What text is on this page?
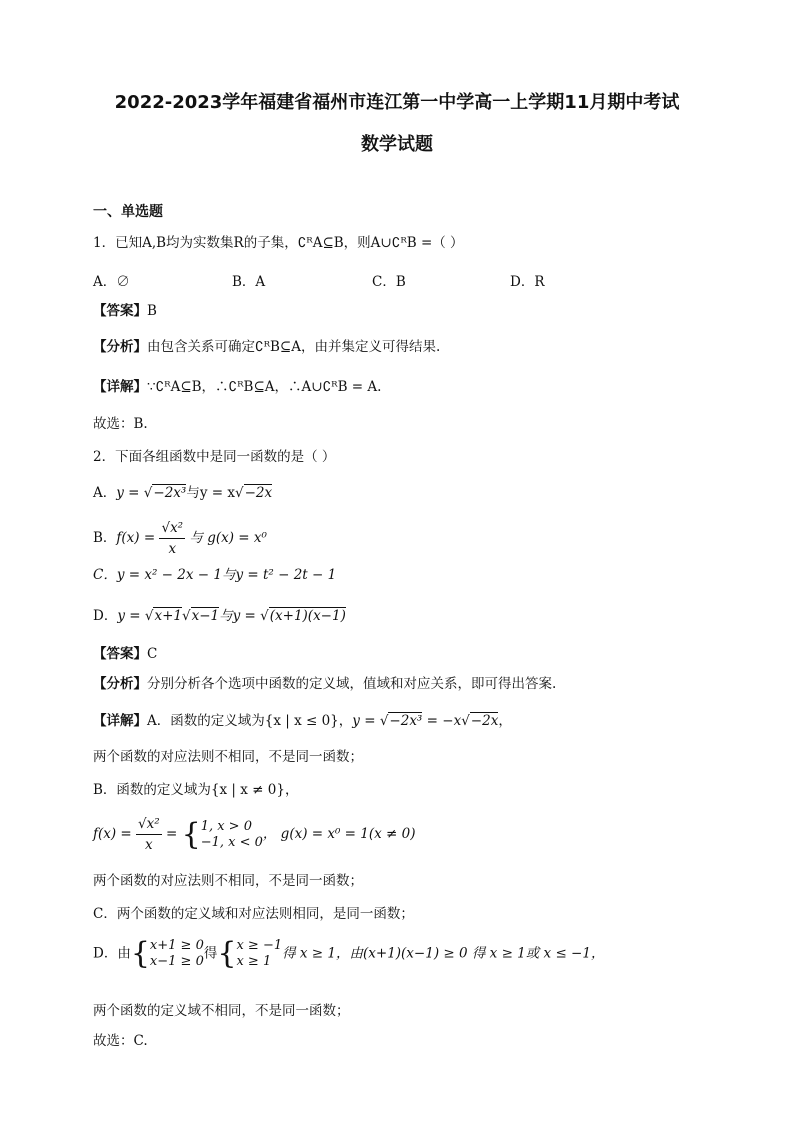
2022-2023学年福建省福州市连江第一中学高一上学期11月期中考试
数学试题
一、单选题
1．已知A,B均为实数集R的子集，∁ᴿA⊆B，则A∪∁ᴿB =（ ）
A．∅	B．A	C．B	D．R
【答案】B
【分析】由包含关系可确定∁ᴿB⊆A，由并集定义可得结果.
【详解】∵∁ᴿA⊆B，∴∁ᴿB⊆A，∴A∪∁ᴿB = A.
故选：B.
2．下面各组函数中是同一函数的是（ ）
A．y = √−2x³与y = x√−2x
B．$f(x) = \frac{\text{√x²}}{x}$ 与 g(x) = x⁰
C．y = x² − 2x − 1与y = t² − 2t − 1
D．y = √x+1√x−1与y = √(x+1)(x−1)
【答案】C
【分析】分别分析各个选项中函数的定义域，值域和对应关系，即可得出答案.
【详解】A．函数的定义域为{x | x ≤ 0}，y = √−2x³ = −x√−2x，
两个函数的对应法则不相同，不是同一函数；
B．函数的定义域为{x | x ≠ 0}，
$f(x) = \frac{\text{√x²}}{x}$ = { 1, x > 0
−1, x < 0 ， g(x) = x⁰ = 1(x ≠ 0)
两个函数的对应法则不相同，不是同一函数；
C．两个函数的定义域和对应法则相同，是同一函数；
D．由{ x+1 ≥ 0
x−1 ≥ 0 得{ x ≥ −1
x ≥ 1 得 x ≥ 1，由(x+1)(x−1) ≥ 0 得 x ≥ 1或 x ≤ −1，
两个函数的定义域不相同，不是同一函数；
故选：C.
